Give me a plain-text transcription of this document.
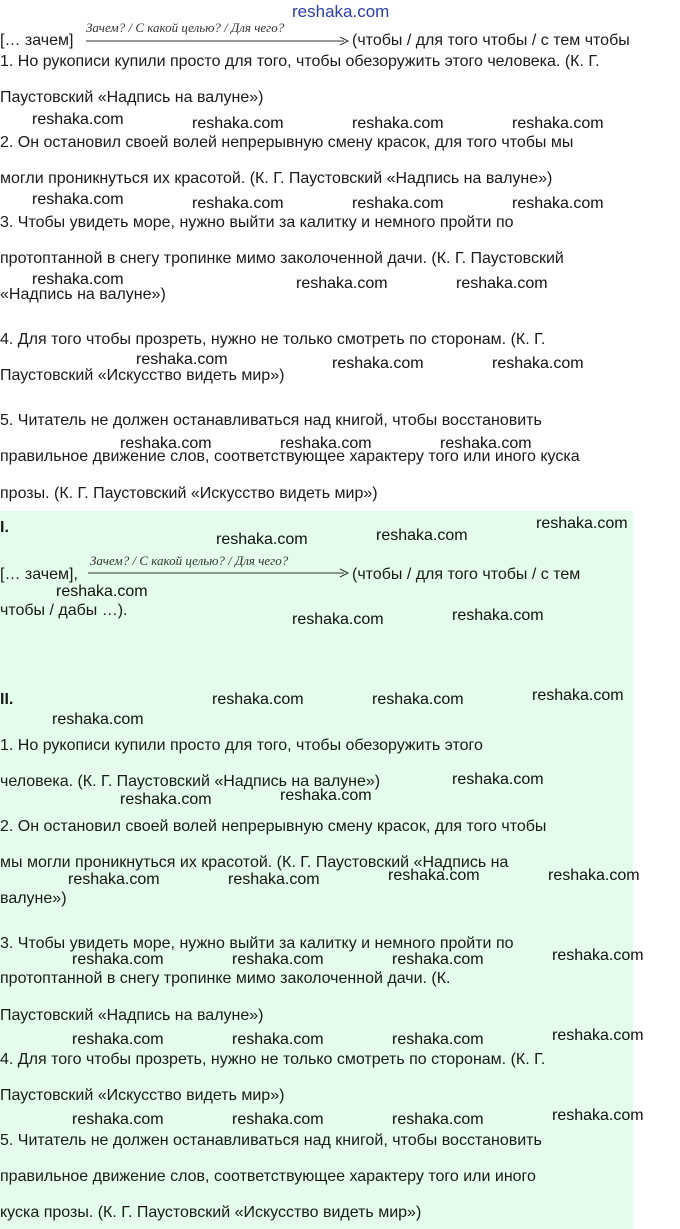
reshaka.com
[… зачем]
Зачем? / С какой целью? / Для чего?
(чтобы / для того чтобы / с тем чтобы
1. Но рукописи купили просто для того, чтобы обезоружить этого человека. (К. Г.
Паустовский «Надпись на валуне»)
2. Он остановил своей волей непрерывную смену красок, для того чтобы мы
могли проникнуться их красотой. (К. Г. Паустовский «Надпись на валуне»)
3. Чтобы увидеть море, нужно выйти за калитку и немного пройти по
протоптанной в снегу тропинке мимо заколоченной дачи. (К. Г. Паустовский
«Надпись на валуне»)
4. Для того чтобы прозреть, нужно не только смотреть по сторонам. (К. Г.
Паустовский «Искусство видеть мир»)
5. Читатель не должен останавливаться над книгой, чтобы восстановить
правильное движение слов, соответствующее характеру того или иного куска
прозы. (К. Г. Паустовский «Искусство видеть мир»)
I.
[… зачем],
Зачем? / С какой целью? / Для чего?
(чтобы / для того чтобы / с тем
чтобы / дабы …).
II.
1. Но рукописи купили просто для того, чтобы обезоружить этого
человека. (К. Г. Паустовский «Надпись на валуне»)
2. Он остановил своей волей непрерывную смену красок, для того чтобы
мы могли проникнуться их красотой. (К. Г. Паустовский «Надпись на
валуне»)
3. Чтобы увидеть море, нужно выйти за калитку и немного пройти по
протоптанной в снегу тропинке мимо заколоченной дачи. (К.
Паустовский «Надпись на валуне»)
4. Для того чтобы прозреть, нужно не только смотреть по сторонам. (К. Г.
Паустовский «Искусство видеть мир»)
5. Читатель не должен останавливаться над книгой, чтобы восстановить
правильное движение слов, соответствующее характеру того или иного
куска прозы. (К. Г. Паустовский «Искусство видеть мир»)
reshaka.com	reshaka.com	reshaka.com	reshaka.com
reshaka.com	reshaka.com	reshaka.com	reshaka.com
reshaka.com	reshaka.com	reshaka.com
reshaka.com	reshaka.com	reshaka.com
reshaka.com	reshaka.com	reshaka.com
reshaka.com
reshaka.com
reshaka.com
reshaka.com
reshaka.com	reshaka.com
reshaka.com
reshaka.com	reshaka.com
reshaka.com
reshaka.com
reshaka.com	reshaka.com
reshaka.com	reshaka.com	reshaka.com	reshaka.com
reshaka.com
reshaka.com	reshaka.com	reshaka.com
reshaka.com
reshaka.com	reshaka.com	reshaka.com
reshaka.com
reshaka.com	reshaka.com	reshaka.com
